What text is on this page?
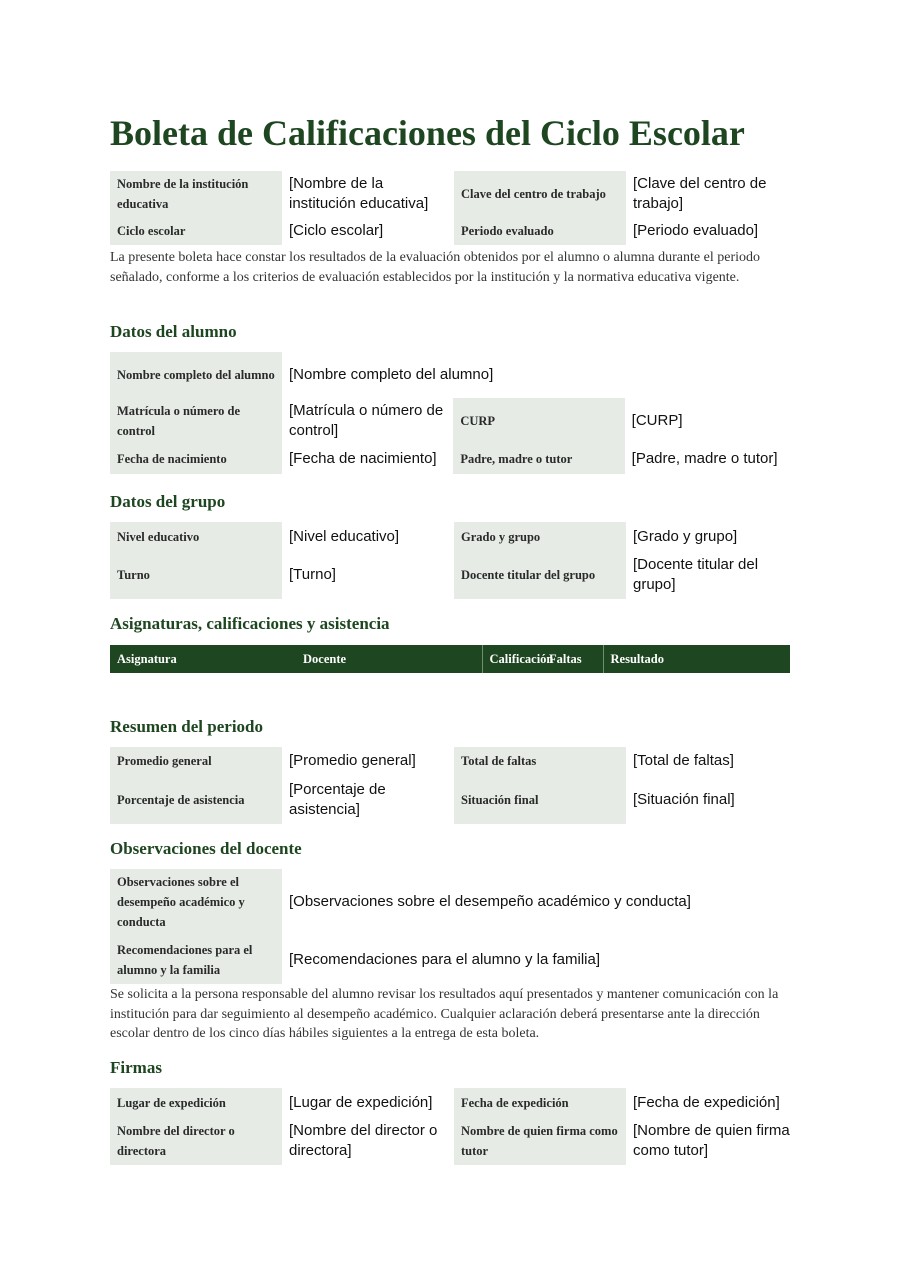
Boleta de Calificaciones del Ciclo Escolar
Nombre de la institución educativa	[Nombre de la institución educativa]	Clave del centro de trabajo	[Clave del centro de trabajo]
Ciclo escolar	[Ciclo escolar]	Periodo evaluado	[Periodo evaluado]
La presente boleta hace constar los resultados de la evaluación obtenidos por el alumno o alumna durante el periodo señalado, conforme a los criterios de evaluación establecidos por la institución y la normativa educativa vigente.
Datos del alumno
Nombre completo del alumno	[Nombre completo del alumno]		
Matrícula o número de control	[Matrícula o número de control]	CURP	[CURP]
Fecha de nacimiento	[Fecha de nacimiento]	Padre, madre o tutor	[Padre, madre o tutor]
Datos del grupo
Nivel educativo	[Nivel educativo]	Grado y grupo	[Grado y grupo]
Turno	[Turno]	Docente titular del grupo	[Docente titular del grupo]
Asignaturas, calificaciones y asistencia
Asignatura	Docente	Calificación	Faltas	Resultado
Resumen del periodo
Promedio general	[Promedio general]	Total de faltas	[Total de faltas]
Porcentaje de asistencia	[Porcentaje de asistencia]	Situación final	[Situación final]
Observaciones del docente
Observaciones sobre el desempeño académico y conducta	[Observaciones sobre el desempeño académico y conducta]
Recomendaciones para el alumno y la familia	[Recomendaciones para el alumno y la familia]
Se solicita a la persona responsable del alumno revisar los resultados aquí presentados y mantener comunicación con la institución para dar seguimiento al desempeño académico. Cualquier aclaración deberá presentarse ante la dirección escolar dentro de los cinco días hábiles siguientes a la entrega de esta boleta.
Firmas
Lugar de expedición	[Lugar de expedición]	Fecha de expedición	[Fecha de expedición]
Nombre del director o directora	[Nombre del director o directora]	Nombre de quien firma como tutor	[Nombre de quien firma como tutor]
